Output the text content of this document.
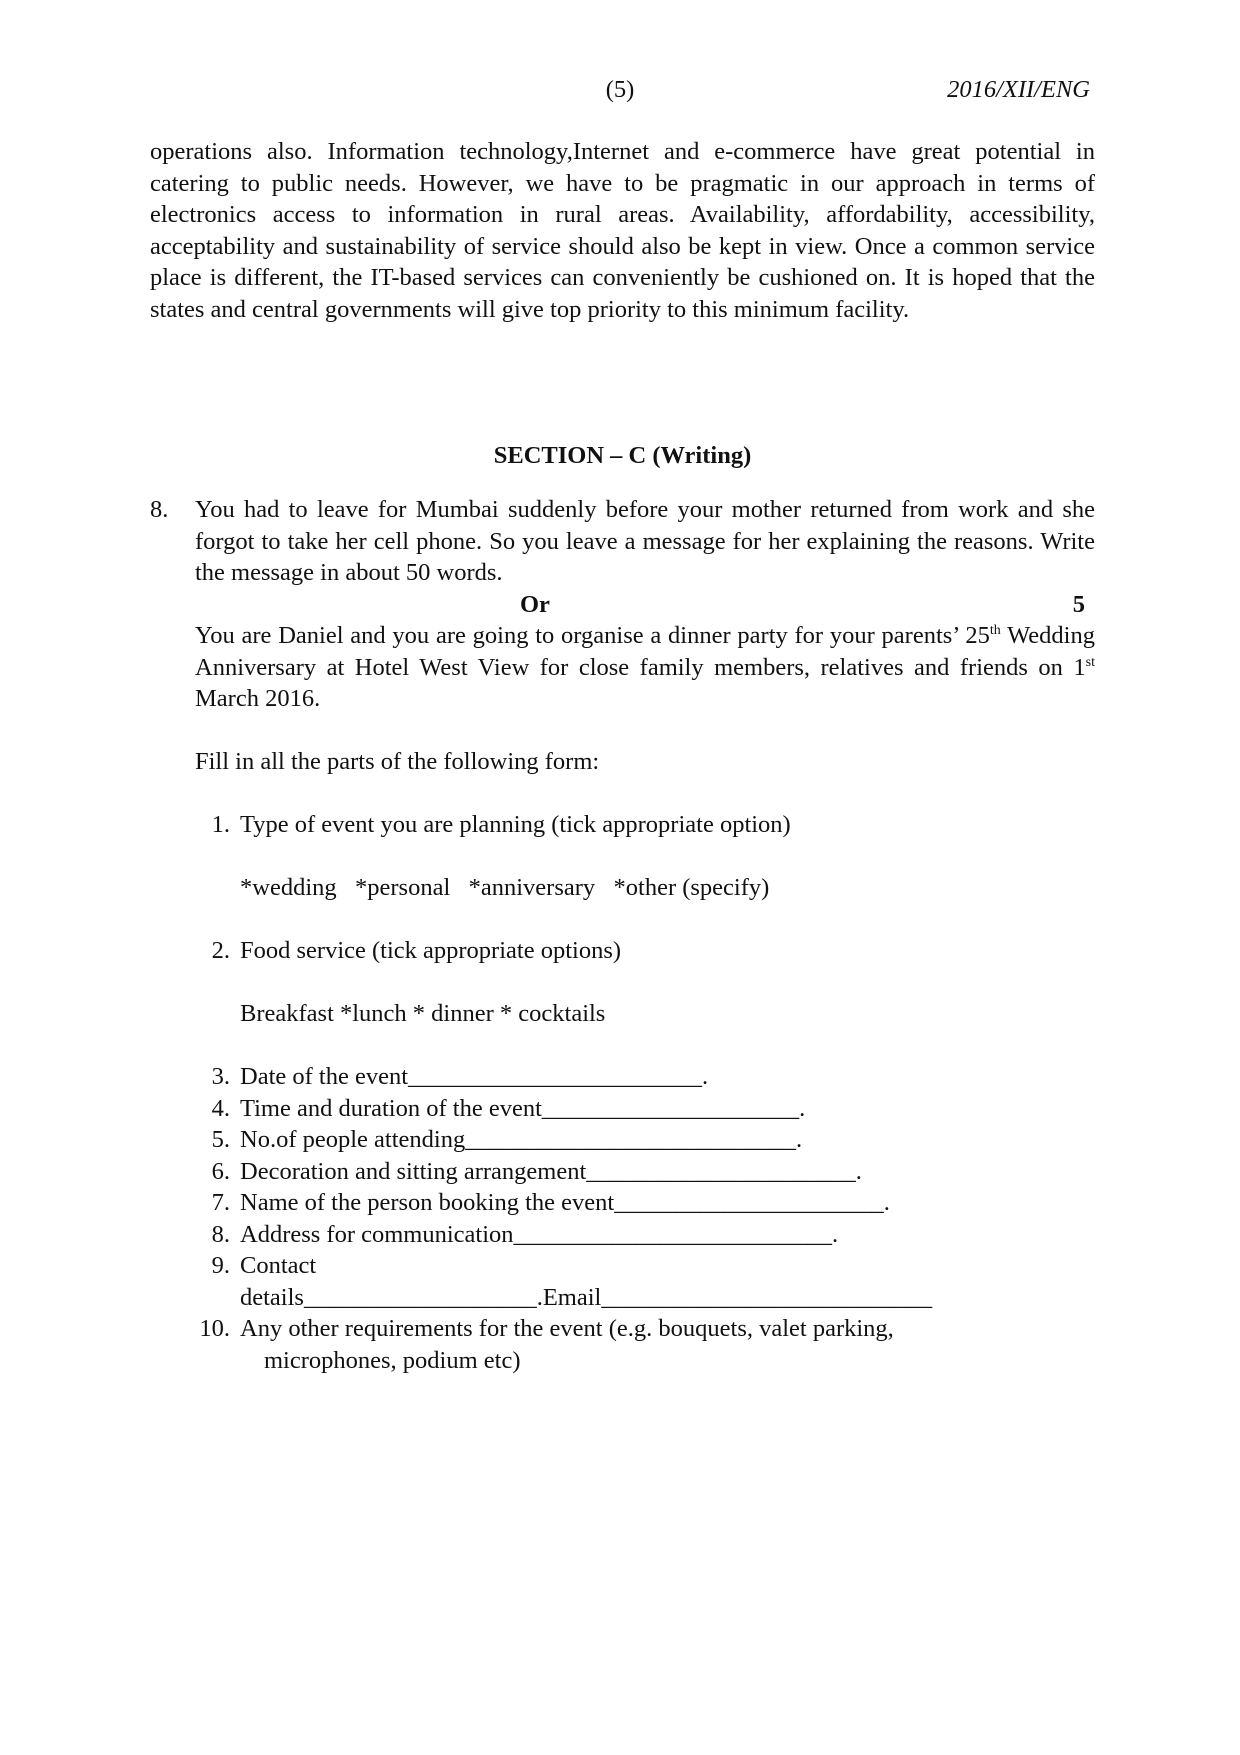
(5)	2016/XII/ENG

operations also. Information technology,Internet and e-commerce have great potential in catering to public needs. However, we have to be pragmatic in our approach in terms of electronics access to information in rural areas. Availability, affordability, accessibility, acceptability and sustainability of service should also be kept in view. Once a common service place is different, the IT-based services can conveniently be cushioned on. It is hoped that the states and central governments will give top priority to this minimum facility.

SECTION – C (Writing)
8. You had to leave for Mumbai suddenly before your mother returned from work and she forgot to take her cell phone. So you leave a message for her explaining the reasons. Write the message in about 50 words.
Or	5

You are Daniel and you are going to organise a dinner party for your parents’ 25th Wedding Anniversary at Hotel West View for close family members, relatives and friends on 1st March 2016.

Fill in all the parts of the following form:
1. Type of event you are planning (tick appropriate option)
*wedding   *personal   *anniversary   *other (specify)
2. Food service (tick appropriate options)
Breakfast *lunch * dinner * cocktails
3. Date of the event________________________.
4. Time and duration of the event_____________________.
5. No.of people attending___________________________.
6. Decoration and sitting arrangement______________________.
7. Name of the person booking the event______________________.
8. Address for communication__________________________.
9. Contact
details___________________.Email___________________________
10. Any other requirements for the event (e.g. bouquets, valet parking,
microphones, podium etc)
